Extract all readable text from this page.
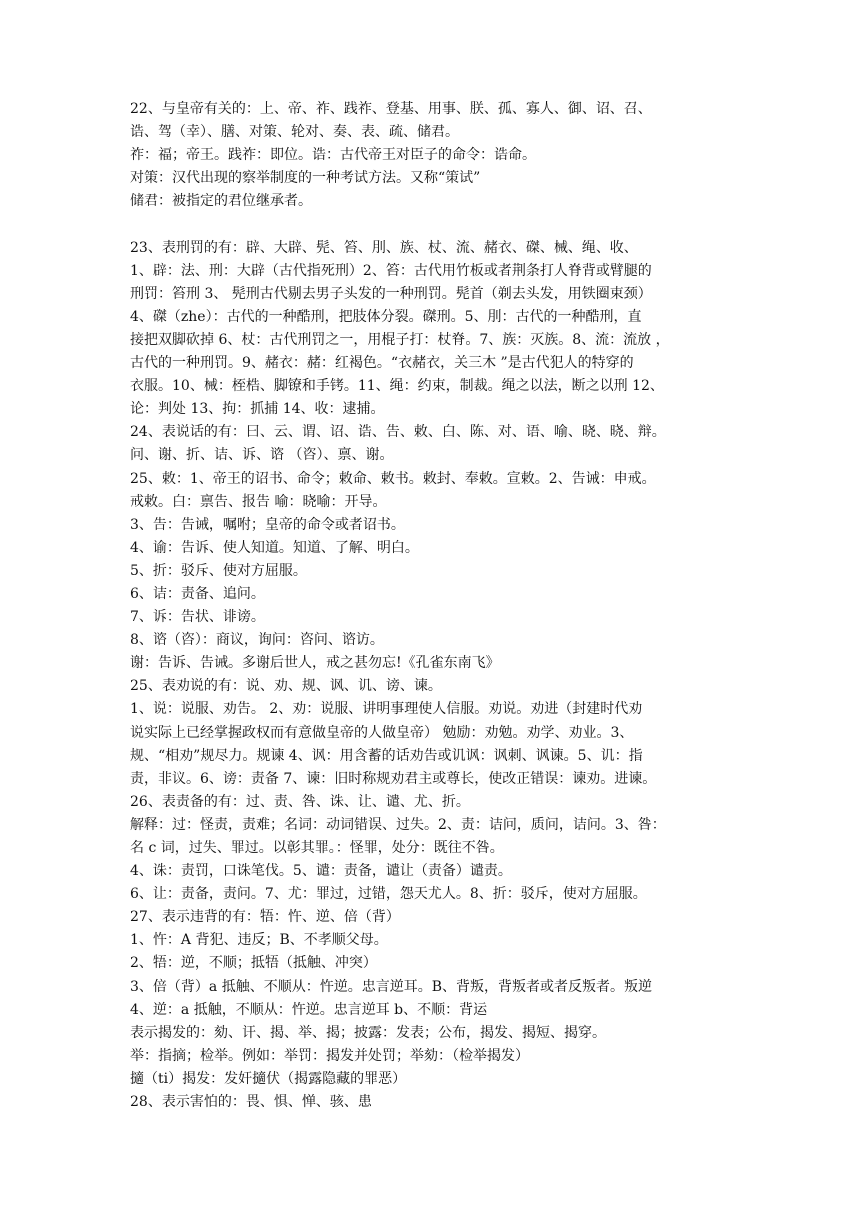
22、与皇帝有关的：上、帝、祚、践祚、登基、用事、朕、孤、寡人、御、诏、召、
诰、驾（幸）、膳、对策、轮对、奏、表、疏、储君。
祚：福；帝王。践祚：即位。诰：古代帝王对臣子的命令：诰命。
对策：汉代出现的察举制度的一种考试方法。又称“策试”
储君：被指定的君位继承者。
23、表刑罚的有：辟、大辟、髡、笞、刖、族、杖、流、赭衣、磔、械、绳、收、
1、辟：法、刑：大辟（古代指死刑）2、笞：古代用竹板或者荆条打人脊背或臂腿的
刑罚：笞刑 3、 髡刑古代剔去男子头发的一种刑罚。髡首（剃去头发，用铁圈束颈）
4、磔（zhe）：古代的一种酷刑，把肢体分裂。磔刑。5、刖：古代的一种酷刑，直
接把双脚砍掉 6、杖：古代刑罚之一，用棍子打：杖脊。7、族：灭族。8、流：流放 ，
古代的一种刑罚。9、赭衣：赭：红褐色。“衣赭衣，关三木 ”是古代犯人的特穿的
衣服。10、械：桎梏、脚镣和手铐。11、绳：约束，制裁。绳之以法，断之以刑 12、
论：判处 13、拘：抓捕 14、收：逮捕。
24、表说话的有：曰、云、谓、诏、诰、告、敕、白、陈、对、语、喻、晓、晓、辩。
问、谢、折、诘、诉、谘 （咨）、禀、谢。
25、敕：1、帝王的诏书、命令；敕命、敕书。敕封、奉敕。宣敕。2、告诫：申戒。
戒敕。白：禀告、报告 喻：晓喻：开导。
3、告：告诫，嘱咐；皇帝的命令或者诏书。
4、谕：告诉、使人知道。知道、了解、明白。
5、折：驳斥、使对方屈服。
6、诘：责备、追问。
7、诉：告状、诽谤。
8、谘（咨）：商议，询问：咨问、谘访。
谢：告诉、告诫。多谢后世人，戒之甚勿忘!《孔雀东南飞》
25、表劝说的有：说、劝、规、讽、讥、谤、谏。
1、说：说服、劝告。 2、劝：说服、讲明事理使人信服。劝说。劝进（封建时代劝
说实际上已经掌握政权而有意做皇帝的人做皇帝） 勉励：劝勉。劝学、劝业。3、
规、“相劝”规尽力。规谏 4、讽：用含蓄的话劝告或讥讽：讽刺、讽谏。5、讥：指
责，非议。6、谤：责备 7、谏：旧时称规劝君主或尊长，使改正错误：谏劝。进谏。
26、表责备的有：过、责、咎、诛、让、谴、尤、折。
解释：过：怪责，责难；名词：动词错误、过失。2、责：诘问，质问，诘问。3、咎：
名 c 词，过失、罪过。以彰其罪。：怪罪，处分：既往不咎。
4、诛：责罚，口诛笔伐。5、谴：责备，谴让（责备）谴责。
6、让：责备，责问。7、尤：罪过，过错，怨天尤人。8、折：驳斥，使对方屈服。
27、表示违背的有：牾：忤、逆、倍（背）
1、忤：A 背犯、违反；B、不孝顺父母。
2、牾：逆，不顺；抵牾（抵触、冲突）
3、倍（背）a 抵触、不顺从：忤逆。忠言逆耳。B、背叛，背叛者或者反叛者。叛逆
4、逆：a 抵触，不顺从：忤逆。忠言逆耳 b、不顺：背运
表示揭发的：劾、讦、揭、举、揭；披露：发表；公布，揭发、揭短、揭穿。
举：指摘；检举。例如：举罚：揭发并处罚；举劾：（检举揭发）
擿（ti）揭发：发奸擿伏（揭露隐藏的罪恶）
28、表示害怕的：畏、惧、惮、骇、患
